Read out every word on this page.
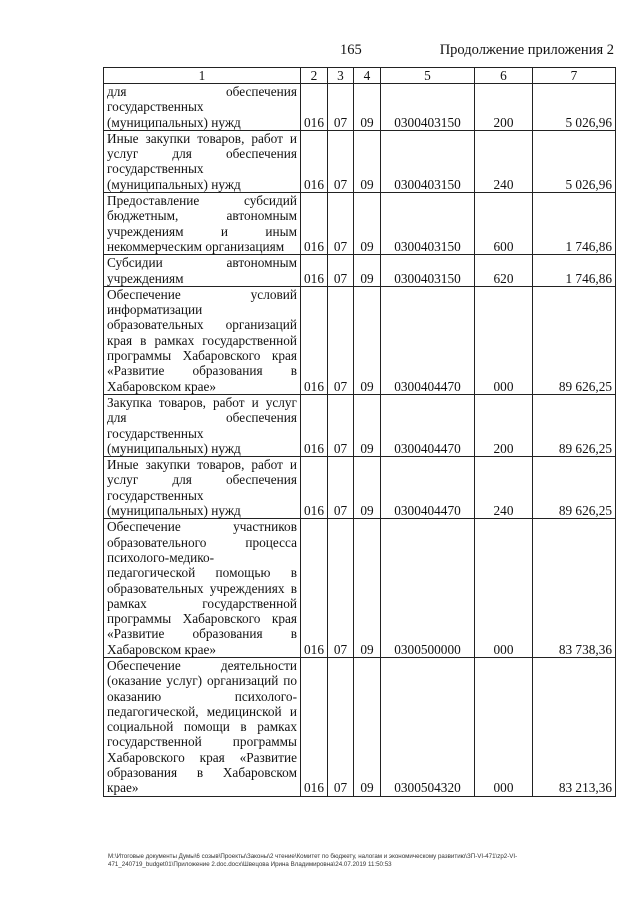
165	Продолжение приложения 2
1	2	3	4	5	6	7
для обеспечения государственных (муниципальных) нужд	016	07	09	0300403150	200	5 026,96
Иные закупки товаров, работ и услуг для обеспечения государственных (муниципальных) нужд	016	07	09	0300403150	240	5 026,96
Предоставление субсидий бюджетным, автономным учреждениям и иным некоммерческим организациям	016	07	09	0300403150	600	1 746,86
Субсидии автономным учреждениям	016	07	09	0300403150	620	1 746,86
Обеспечение условий информатизации образовательных организаций края в рамках государственной программы Хабаровского края «Развитие образования в Хабаровском крае»	016	07	09	0300404470	000	89 626,25
Закупка товаров, работ и услуг для обеспечения государственных (муниципальных) нужд	016	07	09	0300404470	200	89 626,25
Иные закупки товаров, работ и услуг для обеспечения государственных (муниципальных) нужд	016	07	09	0300404470	240	89 626,25
Обеспечение участников образовательного процесса психолого-медико-педагогической помощью в образовательных учреждениях в рамках государственной программы Хабаровского края «Развитие образования в Хабаровском крае»	016	07	09	0300500000	000	83 738,36
Обеспечение деятельности (оказание услуг) организаций по оказанию психолого-педагогической, медицинской и социальной помощи в рамках государственной программы Хабаровского края «Развитие образования в Хабаровском крае»	016	07	09	0300504320	000	83 213,36
M:\Итоговые документы Думы\6 созыв\Проекты\Законы\2 чтение\Комитет по бюджету, налогам и экономическому развитию\ЗП-VI-471\zp2-VI-471_240719_budget01\Приложение 2.doc.docx\Швецова Ирина Владимировна\24.07.2019 11:50:53
